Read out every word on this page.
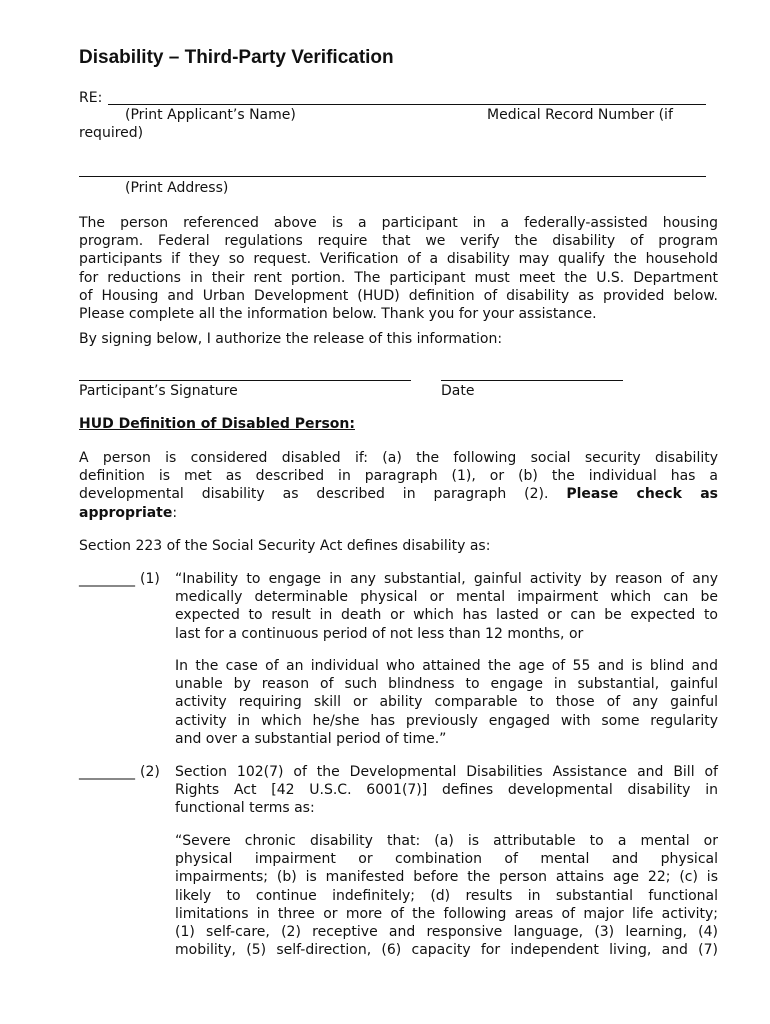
Disability – Third-Party Verification
RE:
(Print Applicant’s Name)	Medical Record Number (if
required)
(Print Address)
The person referenced above is a participant in a federally-assisted housing
program. Federal regulations require that we verify the disability of program
participants if they so request. Verification of a disability may qualify the household
for reductions in their rent portion. The participant must meet the U.S. Department
of Housing and Urban Development (HUD) definition of disability as provided below.
Please complete all the information below. Thank you for your assistance.
By signing below, I authorize the release of this information:
Participant’s Signature	Date
HUD Definition of Disabled Person:
A person is considered disabled if: (a) the following social security disability
definition is met as described in paragraph (1), or (b) the individual has a
developmental disability as described in paragraph (2). Please check as
appropriate:
Section 223 of the Social Security Act defines disability as:
________ (1) “Inability to engage in any substantial, gainful activity by reason of any
medically determinable physical or mental impairment which can be
expected to result in death or which has lasted or can be expected to
last for a continuous period of not less than 12 months, or
In the case of an individual who attained the age of 55 and is blind and
unable by reason of such blindness to engage in substantial, gainful
activity requiring skill or ability comparable to those of any gainful
activity in which he/she has previously engaged with some regularity
and over a substantial period of time.”
________ (2) Section 102(7) of the Developmental Disabilities Assistance and Bill of
Rights Act [42 U.S.C. 6001(7)] defines developmental disability in
functional terms as:
“Severe chronic disability that: (a) is attributable to a mental or
physical impairment or combination of mental and physical
impairments; (b) is manifested before the person attains age 22; (c) is
likely to continue indefinitely; (d) results in substantial functional
limitations in three or more of the following areas of major life activity;
(1) self-care, (2) receptive and responsive language, (3) learning, (4)
mobility, (5) self-direction, (6) capacity for independent living, and (7)
